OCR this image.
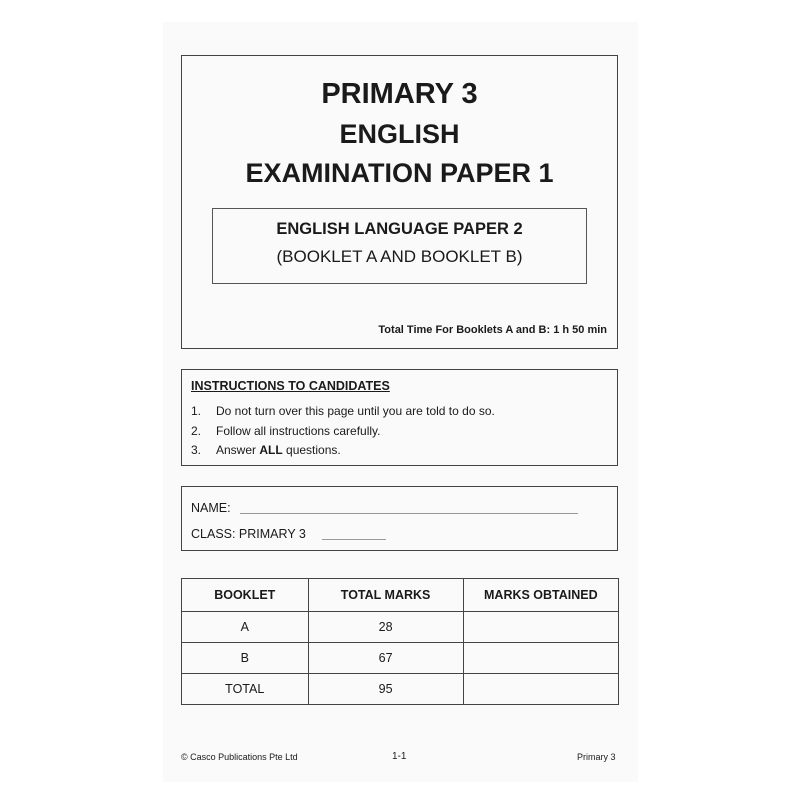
PRIMARY 3
ENGLISH
EXAMINATION PAPER 1
ENGLISH LANGUAGE PAPER 2
(BOOKLET A AND BOOKLET B)
Total Time For Booklets A and B: 1 h 50 min
INSTRUCTIONS TO CANDIDATES
1. Do not turn over this page until you are told to do so.
2. Follow all instructions carefully.
3. Answer ALL questions.
NAME:
CLASS: PRIMARY 3
BOOKLET	TOTAL MARKS	MARKS OBTAINED
A	28	
B	67	
TOTAL	95	
© Casco Publications Pte Ltd	1-1	Primary 3
